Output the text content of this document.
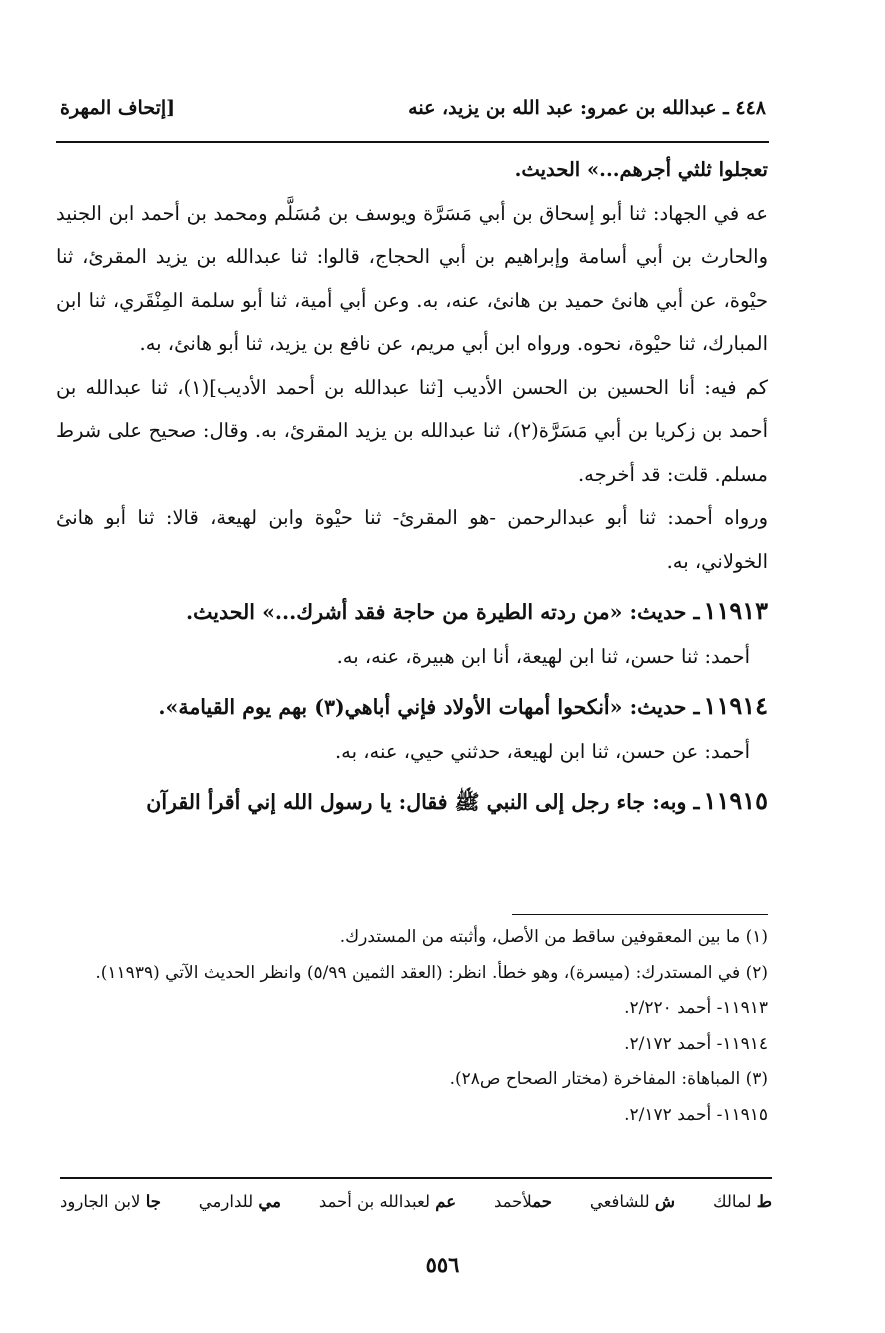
٤٤٨ ـ عبدالله بن عمرو: عبد الله بن يزيد، عنه
[إتحاف المهرة

تعجلوا ثلثي أجرهم...» الحديث.

عه في الجهاد: ثنا أبو إسحاق بن أبي مَسَرَّة ويوسف بن مُسَلَّم ومحمد بن أحمد ابن الجنيد والحارث بن أبي أسامة وإبراهيم بن أبي الحجاج، قالوا: ثنا عبدالله بن يزيد المقرئ، ثنا حيْوة، عن أبي هانئ حميد بن هانئ، عنه، به. وعن أبي أمية، ثنا أبو سلمة المِنْقَري، ثنا ابن المبارك، ثنا حيْوة، نحوه. ورواه ابن أبي مريم، عن نافع بن يزيد، ثنا أبو هانئ، به.

كم فيه: أنا الحسين بن الحسن الأديب [ثنا عبدالله بن أحمد الأديب](١)، ثنا عبدالله بن أحمد بن زكريا بن أبي مَسَرَّة(٢)، ثنا عبدالله بن يزيد المقرئ، به. وقال: صحيح على شرط مسلم. قلت: قد أخرجه.

ورواه أحمد: ثنا أبو عبدالرحمن -هو المقرئ- ثنا حيْوة وابن لهيعة، قالا: ثنا أبو هانئ الخولاني، به.

١١٩١٣ـ حديث: «من ردته الطيرة من حاجة فقد أشرك...» الحديث.

أحمد: ثنا حسن، ثنا ابن لهيعة، أنا ابن هبيرة، عنه، به.

١١٩١٤ـ حديث: «أنكحوا أمهات الأولاد فإني أباهي(٣) بهم يوم القيامة».

أحمد: عن حسن، ثنا ابن لهيعة، حدثني حيي، عنه، به.

١١٩١٥ـ وبه: جاء رجل إلى النبي ﷺ فقال: يا رسول الله إني أقرأ القرآن

(١) ما بين المعقوفين ساقط من الأصل، وأثبته من المستدرك.

(٢) في المستدرك: (ميسرة)، وهو خطأ. انظر: (العقد الثمين ٥/٩٩) وانظر الحديث الآتي (١١٩٣٩).

١١٩١٣- أحمد ٢/٢٢٠.

١١٩١٤- أحمد ٢/١٧٢.

(٣) المباهاة: المفاخرة (مختار الصحاح ص٢٨).

١١٩١٥- أحمد ٢/١٧٢.

ط لمالك
ش للشافعي
حملأحمد
عم لعبدالله بن أحمد
مي للدارمي
جا لابن الجارود
٥٥٦
